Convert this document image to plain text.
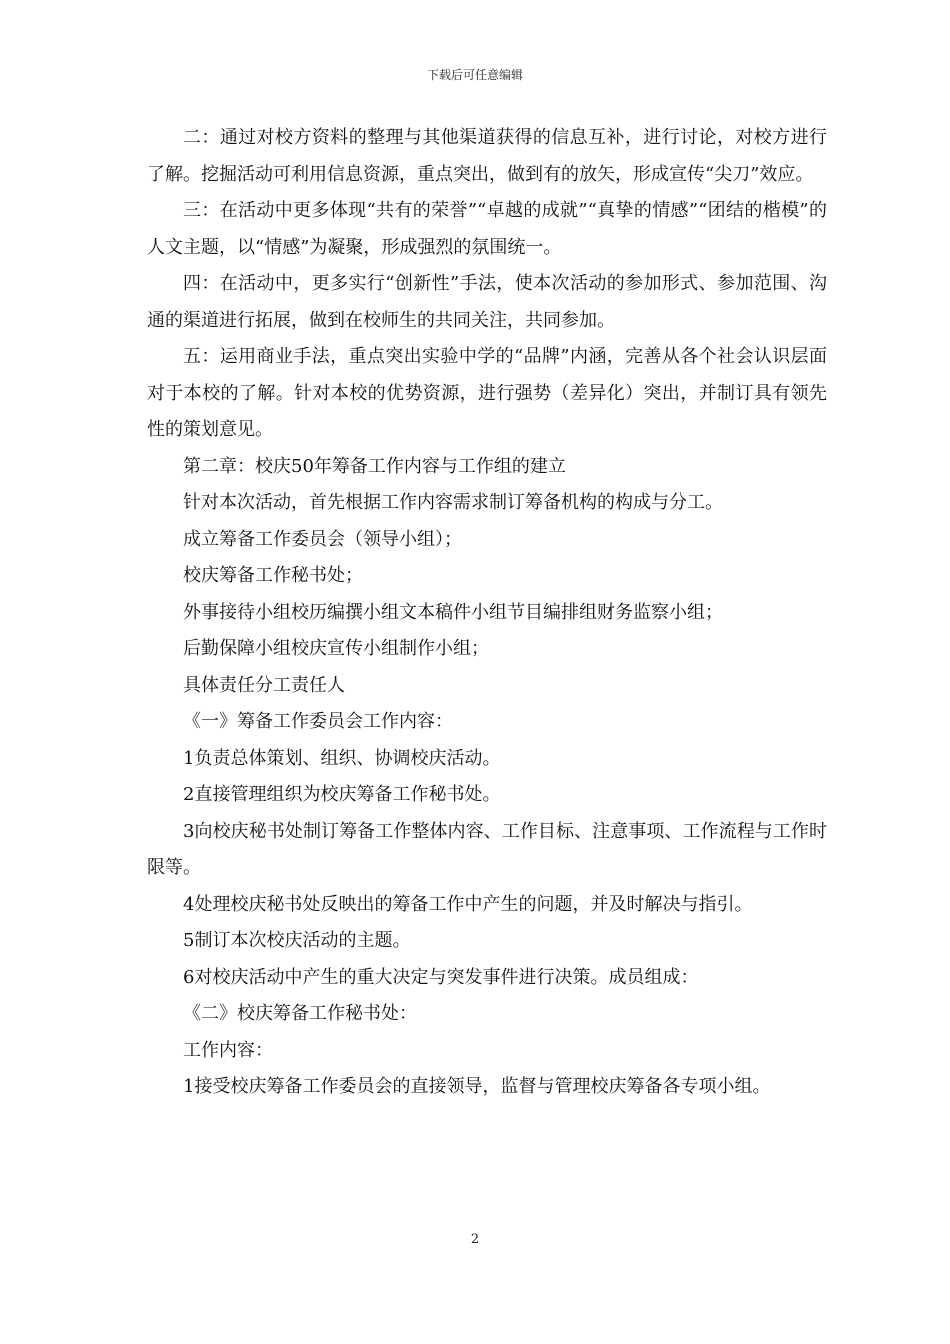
下载后可任意编辑

二：通过对校方资料的整理与其他渠道获得的信息互补，进行讨论，对校方进行了解。挖掘活动可利用信息资源，重点突出，做到有的放矢，形成宣传“尖刀”效应。

三：在活动中更多体现“共有的荣誉”“卓越的成就”“真挚的情感”“团结的楷模”的人文主题，以“情感”为凝聚，形成强烈的氛围统一。

四：在活动中，更多实行“创新性”手法，使本次活动的参加形式、参加范围、沟通的渠道进行拓展，做到在校师生的共同关注，共同参加。

五：运用商业手法，重点突出实验中学的“品牌”内涵，完善从各个社会认识层面对于本校的了解。针对本校的优势资源，进行强势（差异化）突出，并制订具有领先性的策划意见。

第二章：校庆50年筹备工作内容与工作组的建立

针对本次活动，首先根据工作内容需求制订筹备机构的构成与分工。

成立筹备工作委员会（领导小组）；

校庆筹备工作秘书处；

外事接待小组校历编撰小组文本稿件小组节目编排组财务监察小组；

后勤保障小组校庆宣传小组制作小组；

具体责任分工责任人

《一》筹备工作委员会工作内容：

1负责总体策划、组织、协调校庆活动。

2直接管理组织为校庆筹备工作秘书处。

3向校庆秘书处制订筹备工作整体内容、工作目标、注意事项、工作流程与工作时限等。

4处理校庆秘书处反映出的筹备工作中产生的问题，并及时解决与指引。

5制订本次校庆活动的主题。

6对校庆活动中产生的重大决定与突发事件进行决策。成员组成：

《二》校庆筹备工作秘书处：

工作内容：

1接受校庆筹备工作委员会的直接领导，监督与管理校庆筹备各专项小组。

2
